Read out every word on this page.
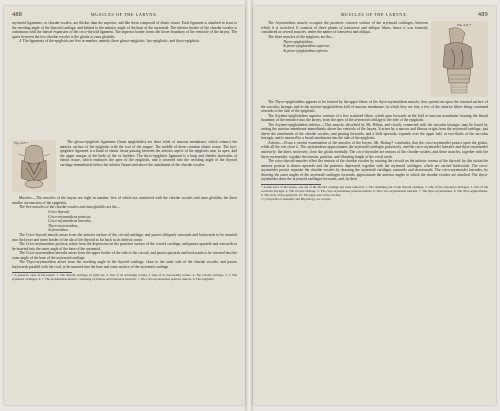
488	MUSCLES OF THE LARYNX.
Fig. 313.*

arytenoid ligaments, or chordæ vocales, are thicker than the superior, and like them composed of elastic tissue. Each ligament is attached in front to the receding angle of the thyroid cartilage, and behind to the anterior angle of the base of the arytenoid. The inferior border of the chordæ vocales is continuous with the lateral expansion of the crico-thyroid ligament. The superior border forms the lower boundary of the ventricle of the larynx. The space between the two chordæ vocales is the glottis or rima glottidis.

4. The ligaments of the epiglottis are five in number, namely, three glosso-epiglottic, hyo-epiglottic, and thyro-epiglottic.

The glosso-epiglottic ligaments (frena epiglottidis) are three folds of mucous membrane, which connect the anterior surface of the epiglottis with the root of the tongue. The middle of these contains elastic tissue. The hyo-epiglottic ligament is a band of elastic tissue passing between the anterior aspect of the epiglottis near its apex, and the upper margin of the body of the os hyoides. The thyro-epiglottic ligament is a long and slender fasciculus of elastic tissue, which embraces the apex of the epiglottis, and is inserted into the receding angle of the thyroid cartilage immediately below the inferior fissure and above the attachment of the chordæ vocales.

Muscles.—The muscles of the larynx are eight in number: five of which are connected with the chordæ vocales and rima glottidis; the three smaller are muscles of the epiglottis.

The five muscles of the chordæ vocales and rima glottidis are the—

Crico-thyroid,
Crico-arytenoideus posticus,
Crico-arytenoideus lateralis,
Thyro-arytenoideus,
Arytenoideus.

The Crico-thyroid muscle arises from the anterior surface of the cricoid cartilage, and passes obliquely outwards and backwards to be inserted into the lower and inner border of the ala of the thyroid as far back as its inferior cornu.

The Crico-arytenoideus posticus arises from the depression on the posterior surface of the cricoid cartilage, and passes upwards and outwards to be inserted into the outer angle of the base of the arytenoid.

The Crico-arytenoideus lateralis arises from the upper border of the side of the cricoid, and passes upwards and backwards to be inserted into the outer angle of the base of the arytenoid cartilage.

The Thyro-arytenoideus arises from the receding angle of the thyroid cartilage, close to the outer side of the chordæ vocales, and passes backwards parallel with the cord, to be inserted into the base and outer surface of the arytenoid cartilage.

* A posterior view of the larynx. 1. The thyroid cartilage, its right ala. 2. One of its ascending cornua. 3. One of its descending cornua. 4. The cricoid cartilage. 5, 5. The arytenoid cartilages. 6, 7. The arytenoideus muscle, consisting of oblique and transverse fasciculi. 7. The crico-arytenoideus posticus muscle. 8. The epiglottis.
MUSCLES OF THE LARYNX.	489
Fig. 314.*

The Arytenoideus muscle occupies the posterior concave surface of the arytenoid cartilages, between which it is stretched. It consists of three planes of transverse and oblique fibres; hence it was formerly considered as several muscles, under the names of transversi and obliqui.

The three muscles of the epiglottis are the—

Thyro-epiglottideus,
Aryteno-epiglottideus superior,
Aryteno-epiglottideus inferior.

The Thyro-epiglottideus appears to be formed by the upper fibres of the thyro-arytenoideus muscle; they spread out upon the external surface of the sacculus laryngis and in the aryteno-epiglottidean fold of mucous membrane, in which they are lost; a few of the anterior fibres being continued onwards to the side of the epiglottis.

The Aryteno-epiglottideus superior consists of a few scattered fibres, which pass forwards in the fold of mucous membrane forming the lateral boundary of the entrance into the larynx, from the apex of the arytenoid cartilage to the side of the epiglottis.

The Aryteno-epiglottideus inferior.—This muscle, described by Mr. Hilton, and closely connected with the sacculus laryngis, may be found by raising the mucous membrane immediately above the ventricle of the larynx. It arises by a narrow and fibrous origin from the arytenoid cartilage, just above the attachment of the chordæ vocales; and passing forwards, and a little upwards, expands over the upper half, or two-thirds of the sacculus laryngis, and is inserted by a broad attachment into the side of the epiglottis.

Actions.—From a careful examination of the muscles of the larynx, Mr. Bishop† concludes, that the crico-arytenoidei postici open the glottis, while all the rest close it. The arytenoideus approximates the arytenoid cartilages posteriorly, and the crico-arytenoidei laterales and thyro-arytenoidei anteriorly; the latter, moreover, close the glottis medially. The crico-thyroidei are tensors of the chordæ vocales, and these muscles, together with the thyro-arytenoidei, regulate the tension, position, and vibrating length of the vocal cords.

The crico-thyroid muscles effect the tension of the chordæ vocales by rotating the cricoid on the inferior cornua of the thyroid; by this action the anterior portion is drawn upwards and the posterior depressed, together with the arytenoid cartilages, which are carried backwards. The crico-arytenoidei postici separate the chordæ vocales by drawing the arytenoid cartilages outwards and downwards. The crico-arytenoidei laterales, by drawing the outer angles of the arytenoid cartilages forwards, approximate the anterior angles to which the chordæ vocales are attached. The thyro-arytenoidei draw the arytenoid cartilages forwards, and, by their

* A side view of the larynx, one ala of the thyroid cartilage has been removed. 1. The remaining ala of the thyroid cartilage. 2. One of the arytenoid cartilages. 3. One of the cornicula laryngis. 4. The cricoid cartilage. 5. The crico-arytenoideus posticus muscle. 6. The crico-arytenoideus lateralis. 7. The thyro-arytenoideus. 8. The thyro-epiglottideus. 9. The body of the epiglottis. 10. The upper part of the trachea.
† Cyclopædia of Anatomy and Physiology, art. Larynx.
